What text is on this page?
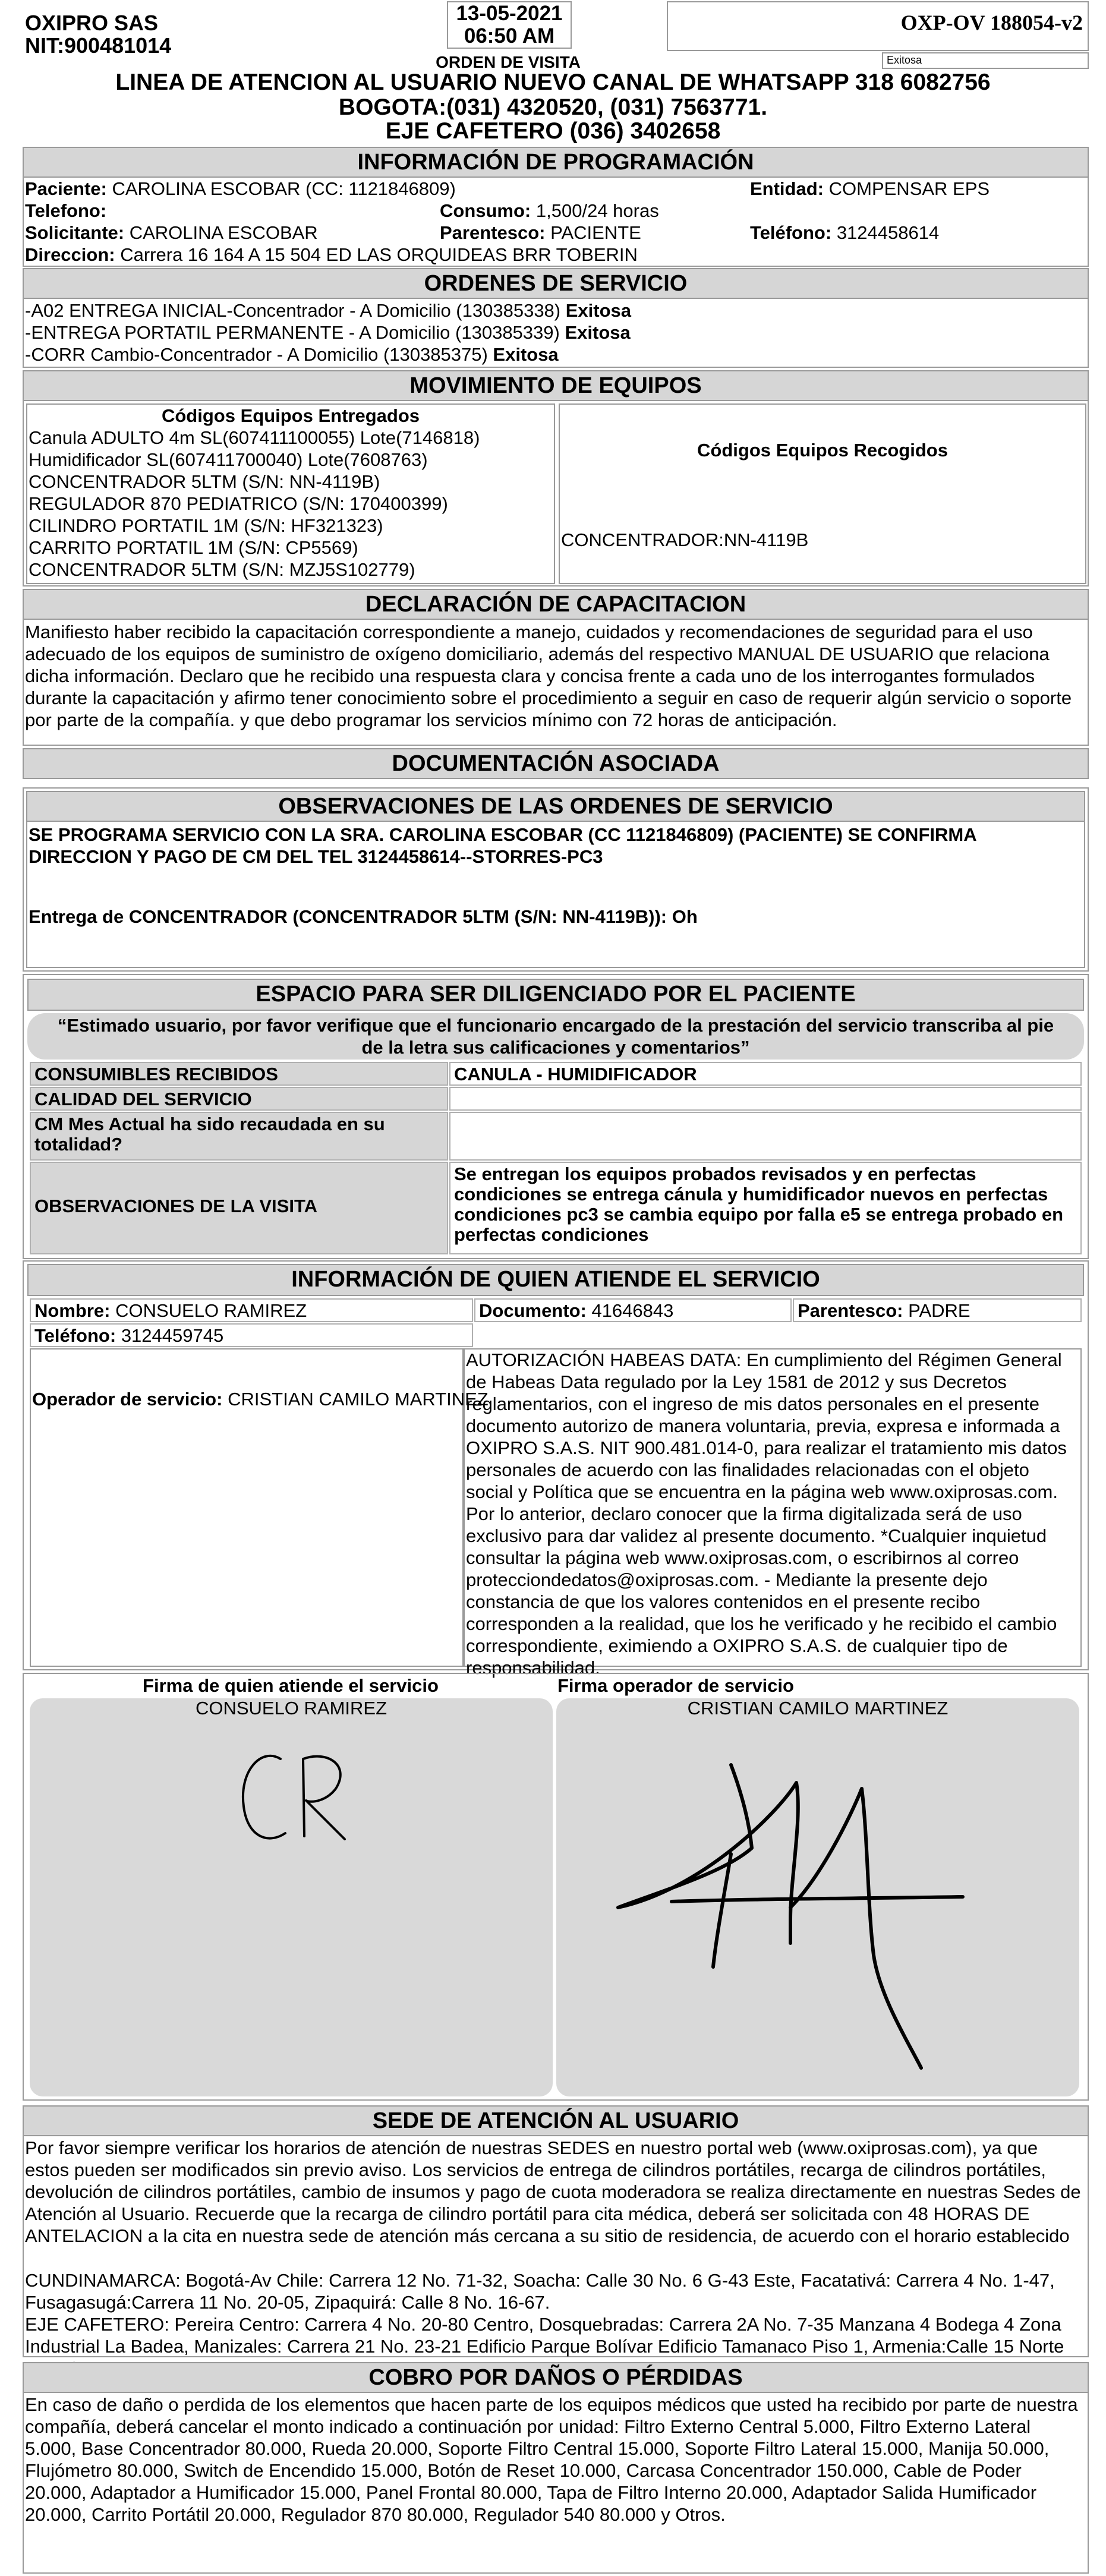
OXIPRO SAS
NIT:900481014
13-05-2021
06:50 AM
ORDEN DE VISITA
OXP-OV 188054-v2
Exitosa
LINEA DE ATENCION AL USUARIO NUEVO CANAL DE WHATSAPP 318 6082756
BOGOTA:(031) 4320520, (031) 7563771.
EJE CAFETERO (036) 3402658
INFORMACIÓN DE PROGRAMACIÓN
Paciente: CAROLINA ESCOBAR (CC: 1121846809)	Entidad: COMPENSAR EPS
Telefono:	Consumo: 1,500/24 horas
Solicitante: CAROLINA ESCOBAR	Parentesco: PACIENTE	Teléfono: 3124458614
Direccion: Carrera 16 164 A 15 504 ED LAS ORQUIDEAS BRR TOBERIN
ORDENES DE SERVICIO
-A02 ENTREGA INICIAL-Concentrador - A Domicilio (130385338) Exitosa
-ENTREGA PORTATIL PERMANENTE - A Domicilio (130385339) Exitosa
-CORR Cambio-Concentrador - A Domicilio (130385375) Exitosa
MOVIMIENTO DE EQUIPOS
Códigos Equipos Entregados
Canula ADULTO 4m SL(607411100055) Lote(7146818)
Humidificador SL(607411700040) Lote(7608763)
CONCENTRADOR 5LTM (S/N: NN-4119B)
REGULADOR 870 PEDIATRICO (S/N: 170400399)
CILINDRO PORTATIL 1M (S/N: HF321323)
CARRITO PORTATIL 1M (S/N: CP5569)
CONCENTRADOR 5LTM (S/N: MZJ5S102779)
Códigos Equipos Recogidos
CONCENTRADOR:NN-4119B
DECLARACIÓN DE CAPACITACION
Manifiesto haber recibido la capacitación correspondiente a manejo, cuidados y recomendaciones de seguridad para el uso adecuado de los equipos de suministro de oxígeno domiciliario, además del respectivo MANUAL DE USUARIO que relaciona dicha información. Declaro que he recibido una respuesta clara y concisa frente a cada uno de los interrogantes formulados durante la capacitación y afirmo tener conocimiento sobre el procedimiento a seguir en caso de requerir algún servicio o soporte por parte de la compañía. y que debo programar los servicios mínimo con 72 horas de anticipación.
DOCUMENTACIÓN ASOCIADA
OBSERVACIONES DE LAS ORDENES DE SERVICIO
SE PROGRAMA SERVICIO CON LA SRA. CAROLINA ESCOBAR (CC 1121846809) (PACIENTE) SE CONFIRMA DIRECCION Y PAGO DE CM DEL TEL 3124458614--STORRES-PC3
Entrega de CONCENTRADOR (CONCENTRADOR 5LTM (S/N: NN-4119B)): Oh
ESPACIO PARA SER DILIGENCIADO POR EL PACIENTE
“Estimado usuario, por favor verifique que el funcionario encargado de la prestación del servicio transcriba al pie de la letra sus calificaciones y comentarios”
CONSUMIBLES RECIBIDOS	CANULA - HUMIDIFICADOR
CALIDAD DEL SERVICIO
CM Mes Actual ha sido recaudada en su totalidad?
OBSERVACIONES DE LA VISITA
Se entregan los equipos probados revisados y en perfectas condiciones se entrega cánula y humidificador nuevos en perfectas condiciones pc3 se cambia equipo por falla e5 se entrega probado en perfectas condiciones
INFORMACIÓN DE QUIEN ATIENDE EL SERVICIO
Nombre: CONSUELO RAMIREZ	Documento: 41646843	Parentesco: PADRE
Teléfono: 3124459745
Operador de servicio: CRISTIAN CAMILO MARTINEZ
AUTORIZACIÓN HABEAS DATA: En cumplimiento del Régimen General de Habeas Data regulado por la Ley 1581 de 2012 y sus Decretos reglamentarios, con el ingreso de mis datos personales en el presente documento autorizo de manera voluntaria, previa, expresa e informada a OXIPRO S.A.S. NIT 900.481.014-0, para realizar el tratamiento mis datos personales de acuerdo con las finalidades relacionadas con el objeto social y Política que se encuentra en la página web www.oxiprosas.com. Por lo anterior, declaro conocer que la firma digitalizada será de uso exclusivo para dar validez al presente documento. *Cualquier inquietud consultar la página web www.oxiprosas.com, o escribirnos al correo protecciondedatos@oxiprosas.com. - Mediante la presente dejo constancia de que los valores contenidos en el presente recibo corresponden a la realidad, que los he verificado y he recibido el cambio correspondiente, eximiendo a OXIPRO S.A.S. de cualquier tipo de responsabilidad.
Firma de quien atiende el servicio	Firma operador de servicio
CONSUELO RAMIREZ	CRISTIAN CAMILO MARTINEZ
SEDE DE ATENCIÓN AL USUARIO
Por favor siempre verificar los horarios de atención de nuestras SEDES en nuestro portal web (www.oxiprosas.com), ya que estos pueden ser modificados sin previo aviso. Los servicios de entrega de cilindros portátiles, recarga de cilindros portátiles, devolución de cilindros portátiles, cambio de insumos y pago de cuota moderadora se realiza directamente en nuestras Sedes de Atención al Usuario. Recuerde que la recarga de cilindro portátil para cita médica, deberá ser solicitada con 48 HORAS DE ANTELACION a la cita en nuestra sede de atención más cercana a su sitio de residencia, de acuerdo con el horario establecido
CUNDINAMARCA: Bogotá-Av Chile: Carrera 12 No. 71-32, Soacha: Calle 30 No. 6 G-43 Este, Facatativá: Carrera 4 No. 1-47, Fusagasugá:Carrera 11 No. 20-05, Zipaquirá: Calle 8 No. 16-67.
EJE CAFETERO: Pereira Centro: Carrera 4 No. 20-80 Centro, Dosquebradas: Carrera 2A No. 7-35 Manzana 4 Bodega 4 Zona Industrial La Badea, Manizales: Carrera 21 No. 23-21 Edificio Parque Bolívar Edificio Tamanaco Piso 1, Armenia:Calle 15 Norte
COBRO POR DAÑOS O PÉRDIDAS
En caso de daño o perdida de los elementos que hacen parte de los equipos médicos que usted ha recibido por parte de nuestra compañía, deberá cancelar el monto indicado a continuación por unidad: Filtro Externo Central 5.000, Filtro Externo Lateral 5.000, Base Concentrador 80.000, Rueda 20.000, Soporte Filtro Central 15.000, Soporte Filtro Lateral 15.000, Manija 50.000, Flujómetro 80.000, Switch de Encendido 15.000, Botón de Reset 10.000, Carcasa Concentrador 150.000, Cable de Poder 20.000, Adaptador a Humificador 15.000, Panel Frontal 80.000, Tapa de Filtro Interno 20.000, Adaptador Salida Humificador 20.000, Carrito Portátil 20.000, Regulador 870 80.000, Regulador 540 80.000 y Otros.
